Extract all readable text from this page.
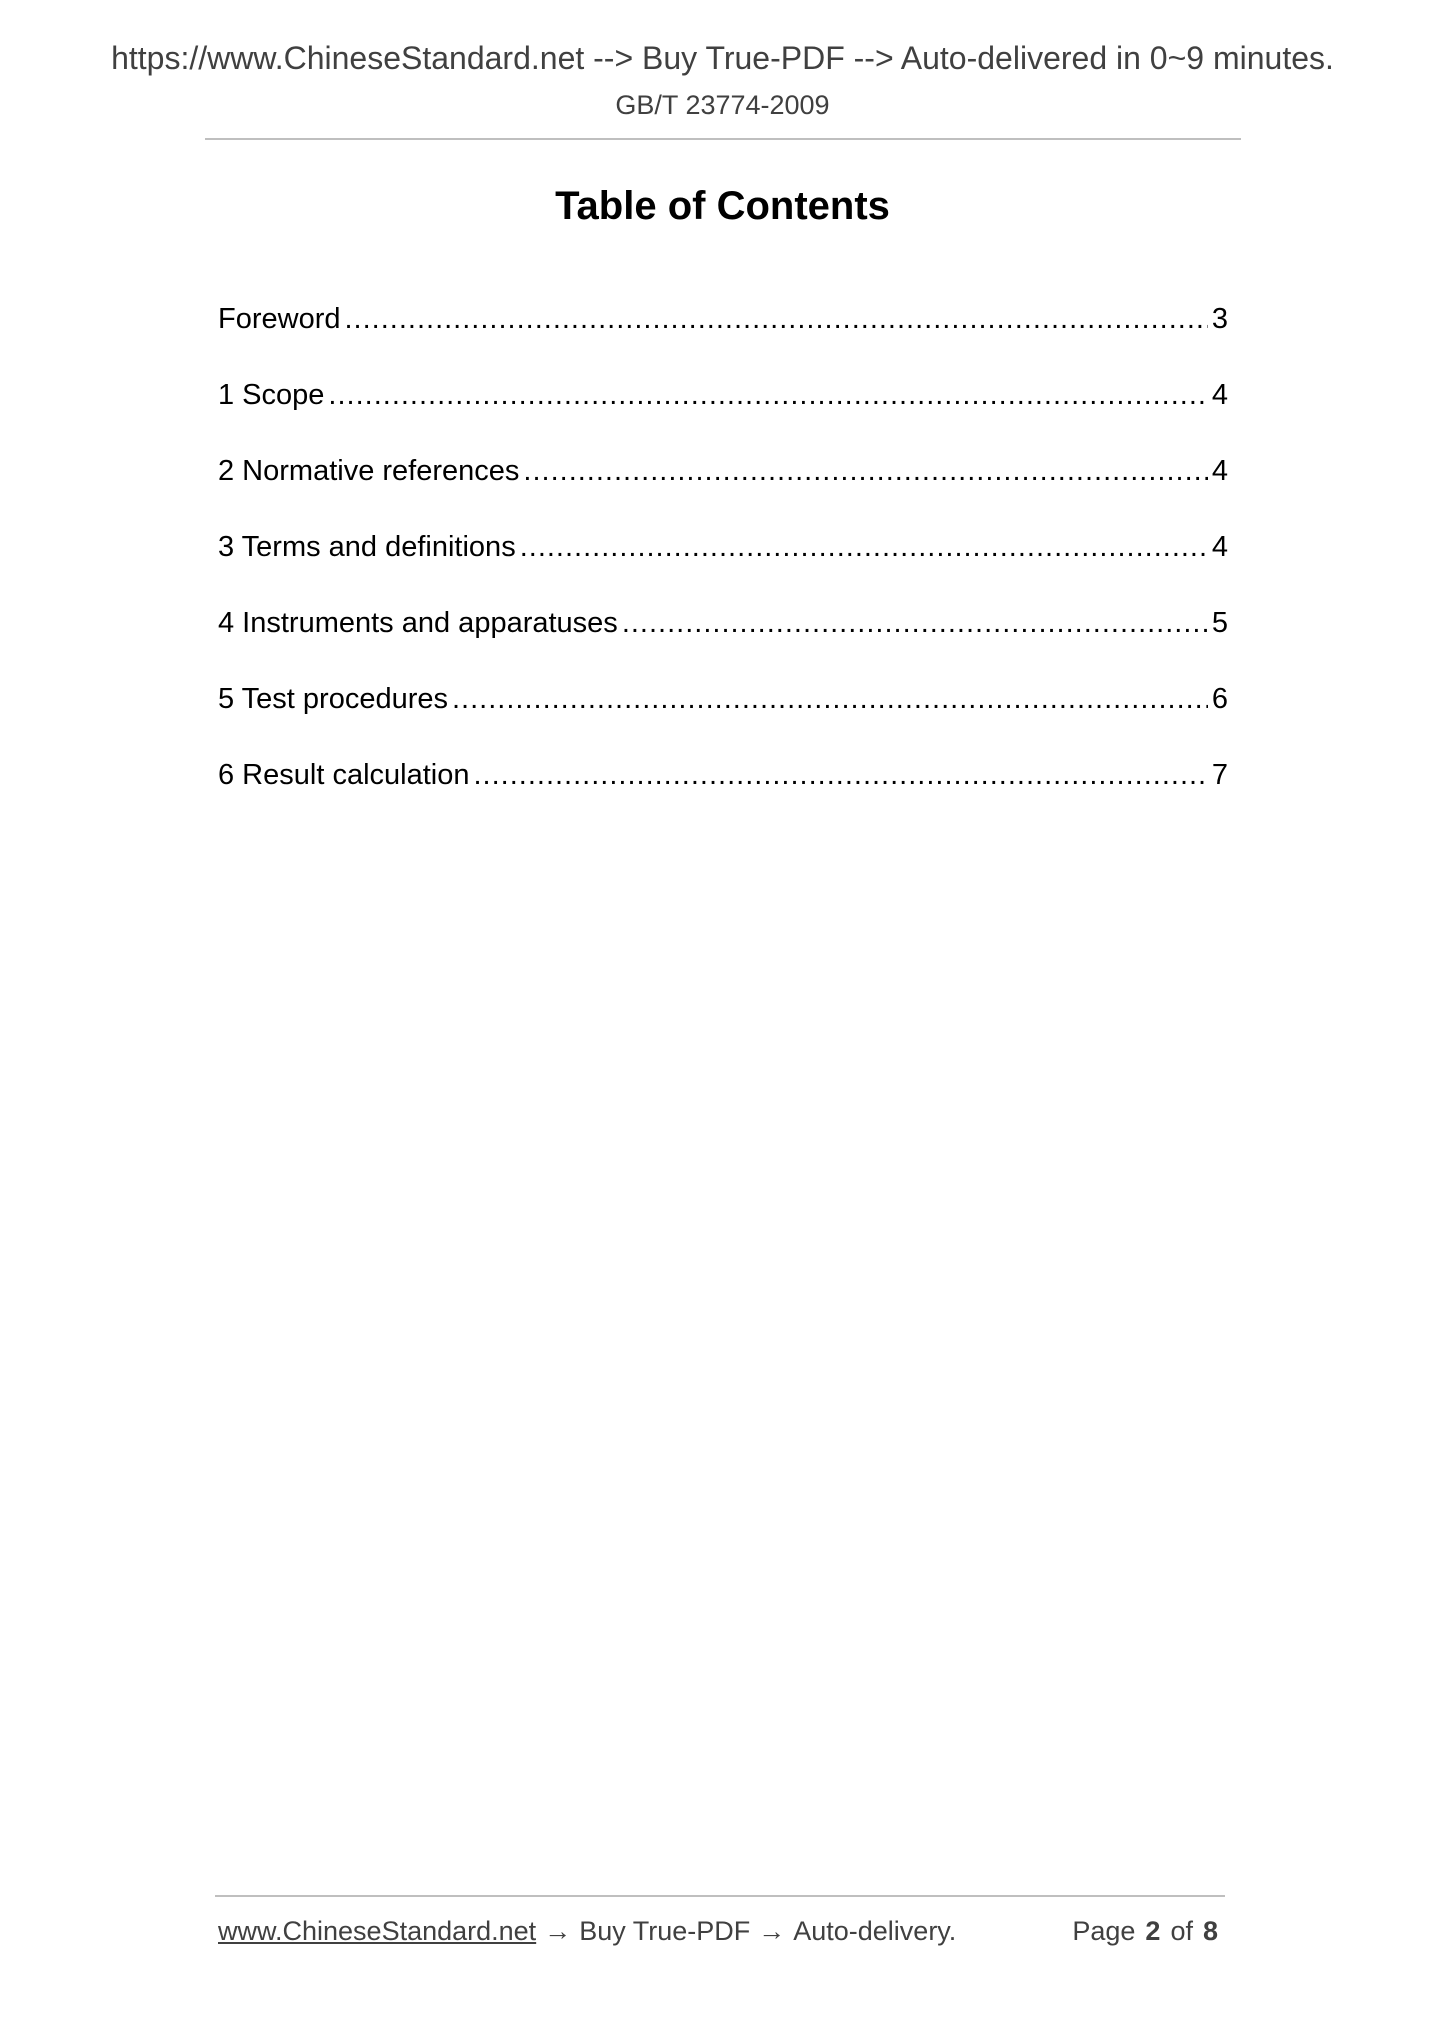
https://www.ChineseStandard.net --> Buy True-PDF --> Auto-delivered in 0~9 minutes.
GB/T 23774-2009
Table of Contents
Foreword .....	3
1 Scope .....	4
2 Normative references .....	4
3 Terms and definitions .....	4
4 Instruments and apparatuses .....	5
5 Test procedures .....	6
6 Result calculation .....	7
www.ChineseStandard.net → Buy True-PDF → Auto-delivery.	Page 2 of 8
